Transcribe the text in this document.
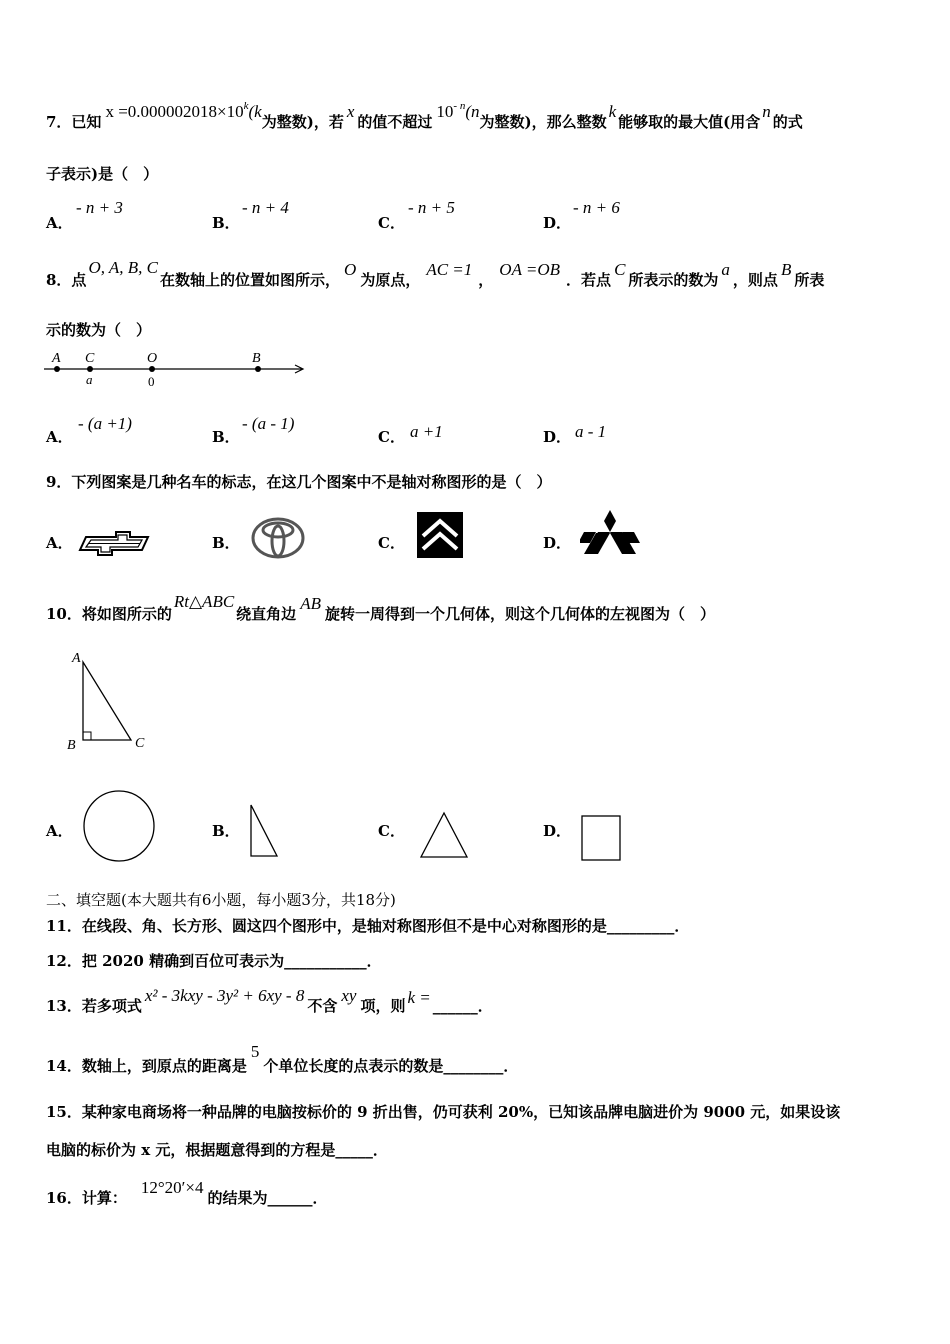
7．已知$x =0.000002018\times 10^k(k$为整数)，若x的值不超过$10^{- n}(n$为整数)，那么整数k能够取的最大值(用含n的式
子表示)是（　）
A．
- n + 3
B．
- n + 4
C．
- n + 5
D．
- n + 6
8．点O, A, B, C在数轴上的位置如图所示，O为原点，AC =1，OA =OB．若点C所表示的数为a，则点B所表
示的数为（　）
A C	O	B
a	0
A．
- (a +1)
B．
- (a - 1)
C． a +1	D． a - 1
9．下列图案是几种名车的标志，在这几个图案中不是轴对称图形的是（　）
A．	B．	C．	D．
10．将如图所示的Rt△ABC绕直角边AB旋转一周得到一个几何体，则这个几何体的左视图为（　）
A
B	C
A．	B．	C．	D．
二、填空题(本大题共有6小题，每小题3分，共18分)
11．在线段、角、长方形、圆这四个图形中，是轴对称图形但不是中心对称图形的是_________．
12．把 2020 精确到百位可表示为___________．
13．若多项式x² - 3kxy - 3y² + 6xy - 8不含xy项，则 k = ______．
14．数轴上，到原点的距离是5个单位长度的点表示的数是________．
15．某种家电商场将一种品牌的电脑按标价的 9 折出售，仍可获利 20%，已知该品牌电脑进价为 9000 元，如果设该
电脑的标价为 x 元，根据题意得到的方程是_____．
16．计算：12°20′×4的结果为______．
